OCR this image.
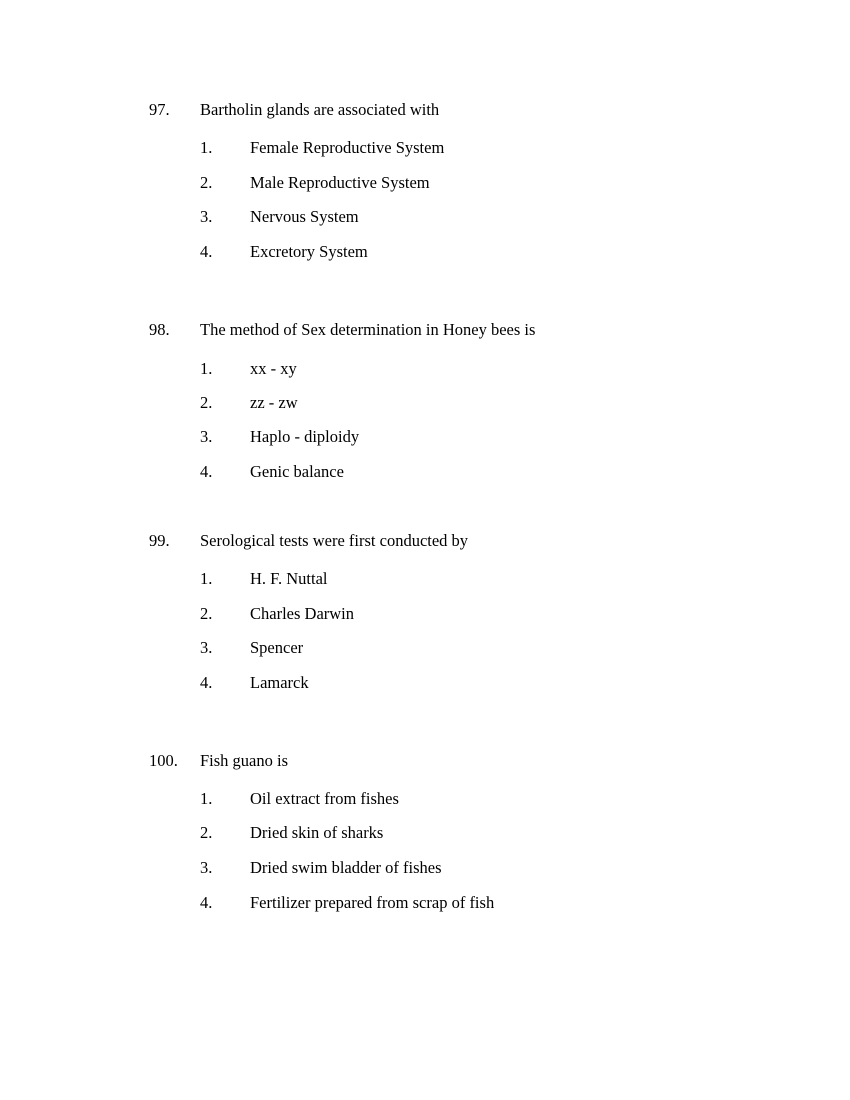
97. Bartholin glands are associated with
1. Female Reproductive System
2. Male Reproductive System
3. Nervous System
4. Excretory System
98. The method of Sex determination in Honey bees is
1. xx - xy
2. zz - zw
3. Haplo - diploidy
4. Genic balance
99. Serological tests were first conducted by
1. H. F. Nuttal
2. Charles Darwin
3. Spencer
4. Lamarck
100. Fish guano is
1. Oil extract from fishes
2. Dried skin of sharks
3. Dried swim bladder of fishes
4. Fertilizer prepared from scrap of fish
